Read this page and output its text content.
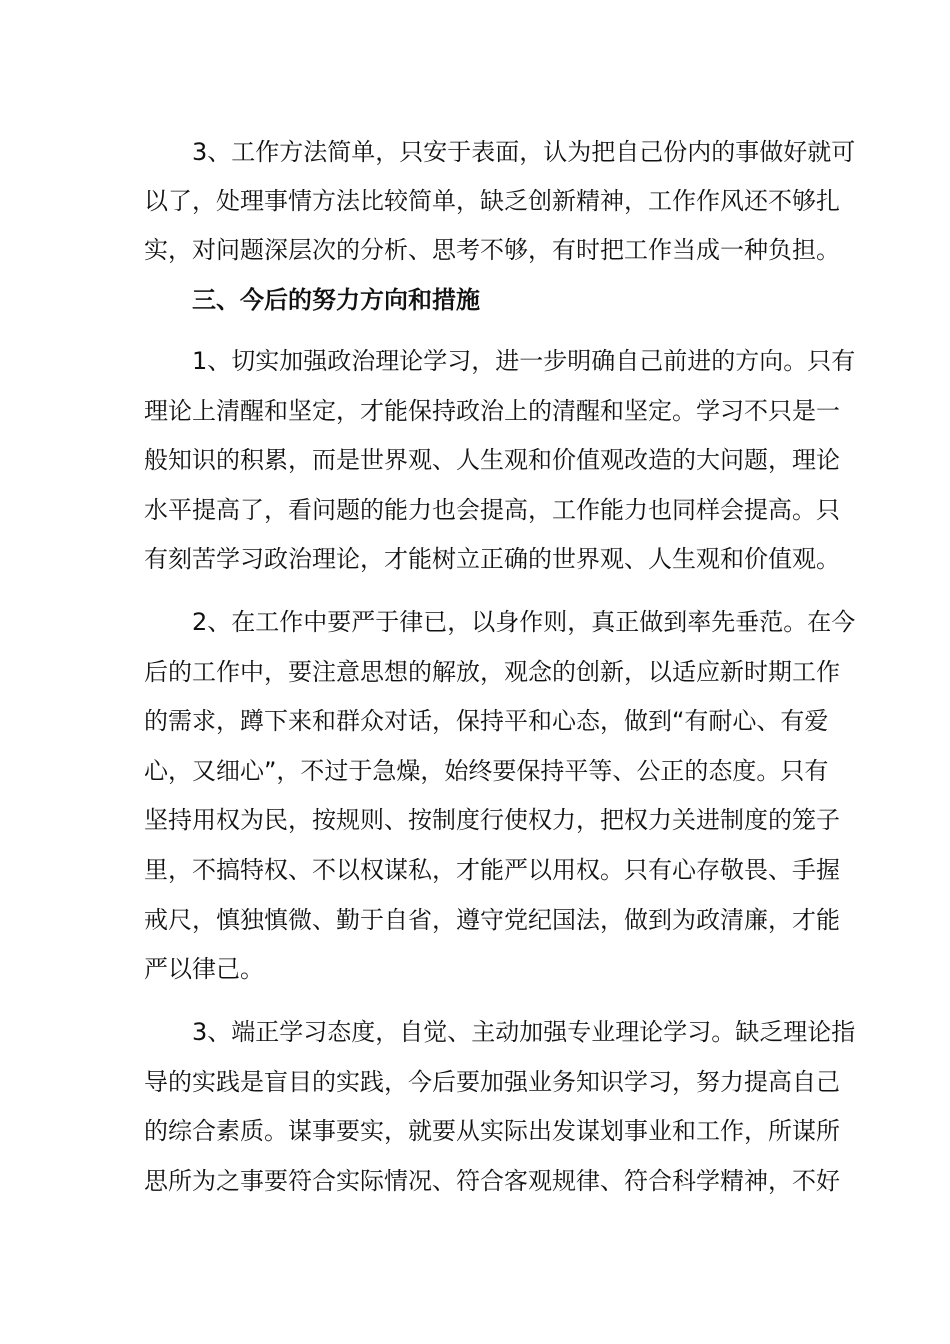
3、工作方法简单，只安于表面，认为把自己份内的事做好就可

以了，处理事情方法比较简单，缺乏创新精神，工作作风还不够扎

实，对问题深层次的分析、思考不够，有时把工作当成一种负担。

三、今后的努力方向和措施

1、切实加强政治理论学习，进一步明确自己前进的方向。只有

理论上清醒和坚定，才能保持政治上的清醒和坚定。学习不只是一

般知识的积累，而是世界观、人生观和价值观改造的大问题，理论

水平提高了，看问题的能力也会提高，工作能力也同样会提高。只

有刻苦学习政治理论，才能树立正确的世界观、人生观和价值观。

2、在工作中要严于律已，以身作则，真正做到率先垂范。在今

后的工作中，要注意思想的解放，观念的创新，以适应新时期工作

的需求，蹲下来和群众对话，保持平和心态，做到“有耐心、有爱

心，又细心”，不过于急燥，始终要保持平等、公正的态度。只有

坚持用权为民，按规则、按制度行使权力，把权力关进制度的笼子

里，不搞特权、不以权谋私，才能严以用权。只有心存敬畏、手握

戒尺，慎独慎微、勤于自省，遵守党纪国法，做到为政清廉，才能

严以律己。

3、端正学习态度，自觉、主动加强专业理论学习。缺乏理论指

导的实践是盲目的实践，今后要加强业务知识学习，努力提高自己

的综合素质。谋事要实，就要从实际出发谋划事业和工作，所谋所

思所为之事要符合实际情况、符合客观规律、符合科学精神，不好
